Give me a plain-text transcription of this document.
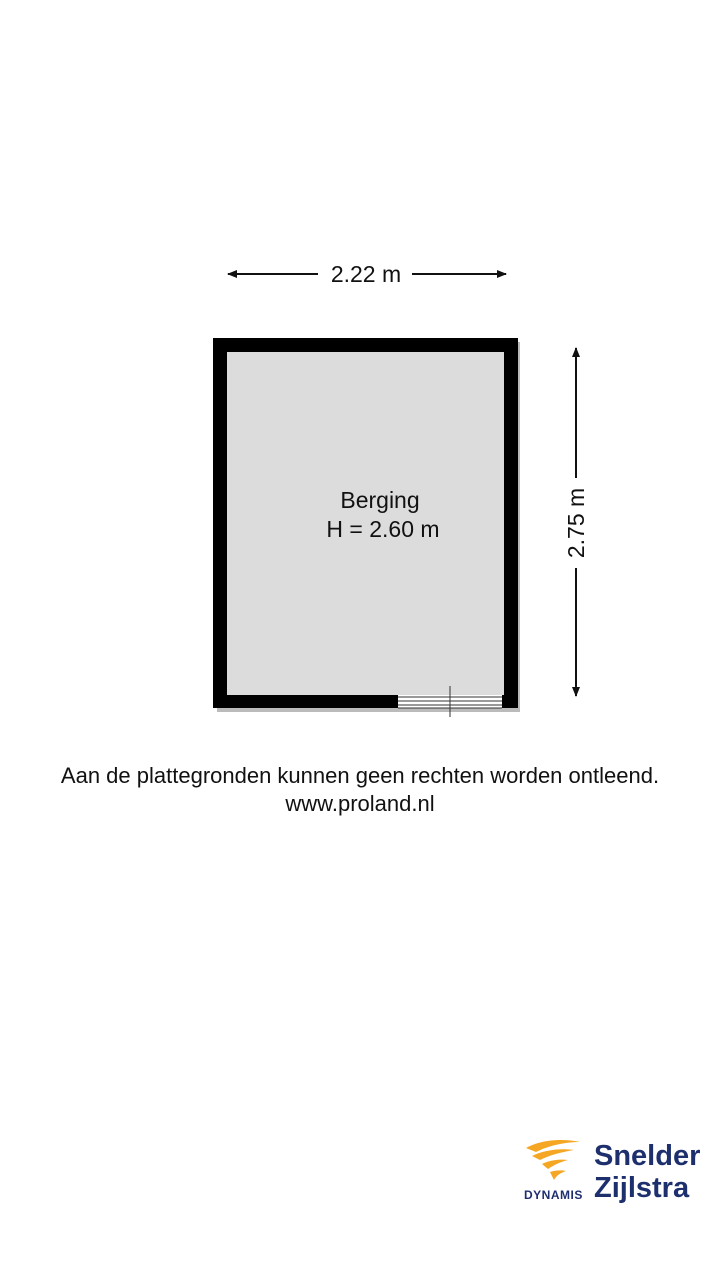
2.22 m
2.75 m
Berging
H = 2.60 m
Aan de plattegronden kunnen geen rechten worden ontleend.
www.proland.nl
DYNAMIS
Snelder
Zijlstra
